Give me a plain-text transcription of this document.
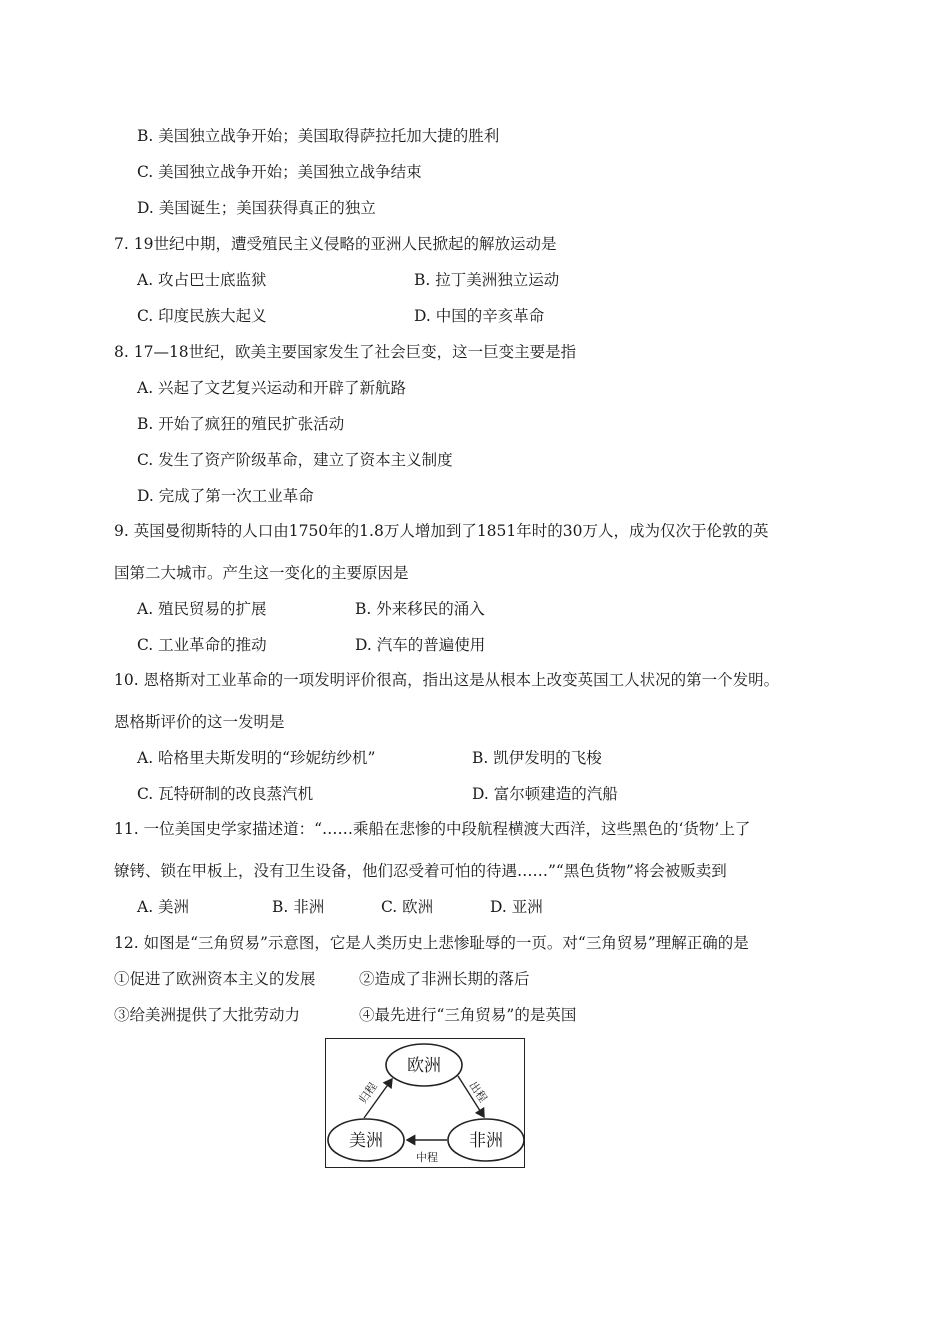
B. 美国独立战争开始；美国取得萨拉托加大捷的胜利
C. 美国独立战争开始；美国独立战争结束
D. 美国诞生；美国获得真正的独立
7. 19世纪中期，遭受殖民主义侵略的亚洲人民掀起的解放运动是
A. 攻占巴士底监狱	B. 拉丁美洲独立运动
C. 印度民族大起义	D. 中国的辛亥革命
8. 17—18世纪，欧美主要国家发生了社会巨变，这一巨变主要是指
A. 兴起了文艺复兴运动和开辟了新航路
B. 开始了疯狂的殖民扩张活动
C. 发生了资产阶级革命，建立了资本主义制度
D. 完成了第一次工业革命
9. 英国曼彻斯特的人口由1750年的1.8万人增加到了1851年时的30万人，成为仅次于伦敦的英
国第二大城市。产生这一变化的主要原因是
A. 殖民贸易的扩展	B. 外来移民的涌入
C. 工业革命的推动	D. 汽车的普遍使用
10. 恩格斯对工业革命的一项发明评价很高，指出这是从根本上改变英国工人状况的第一个发明。
恩格斯评价的这一发明是
A. 哈格里夫斯发明的“珍妮纺纱机”	B. 凯伊发明的飞梭
C. 瓦特研制的改良蒸汽机	D. 富尔顿建造的汽船
11. 一位美国史学家描述道：“……乘船在悲惨的中段航程横渡大西洋，这些黑色的‘货物’上了
镣铐、锁在甲板上，没有卫生设备，他们忍受着可怕的待遇……”“黑色货物”将会被贩卖到
A. 美洲	B. 非洲	C. 欧洲	D. 亚洲
12. 如图是“三角贸易”示意图，它是人类历史上悲惨耻辱的一页。对“三角贸易”理解正确的是
①促进了欧洲资本主义的发展	②造成了非洲长期的落后
③给美洲提供了大批劳动力	④最先进行“三角贸易”的是英国
欧洲
美洲	非洲
出程
中程
归程
